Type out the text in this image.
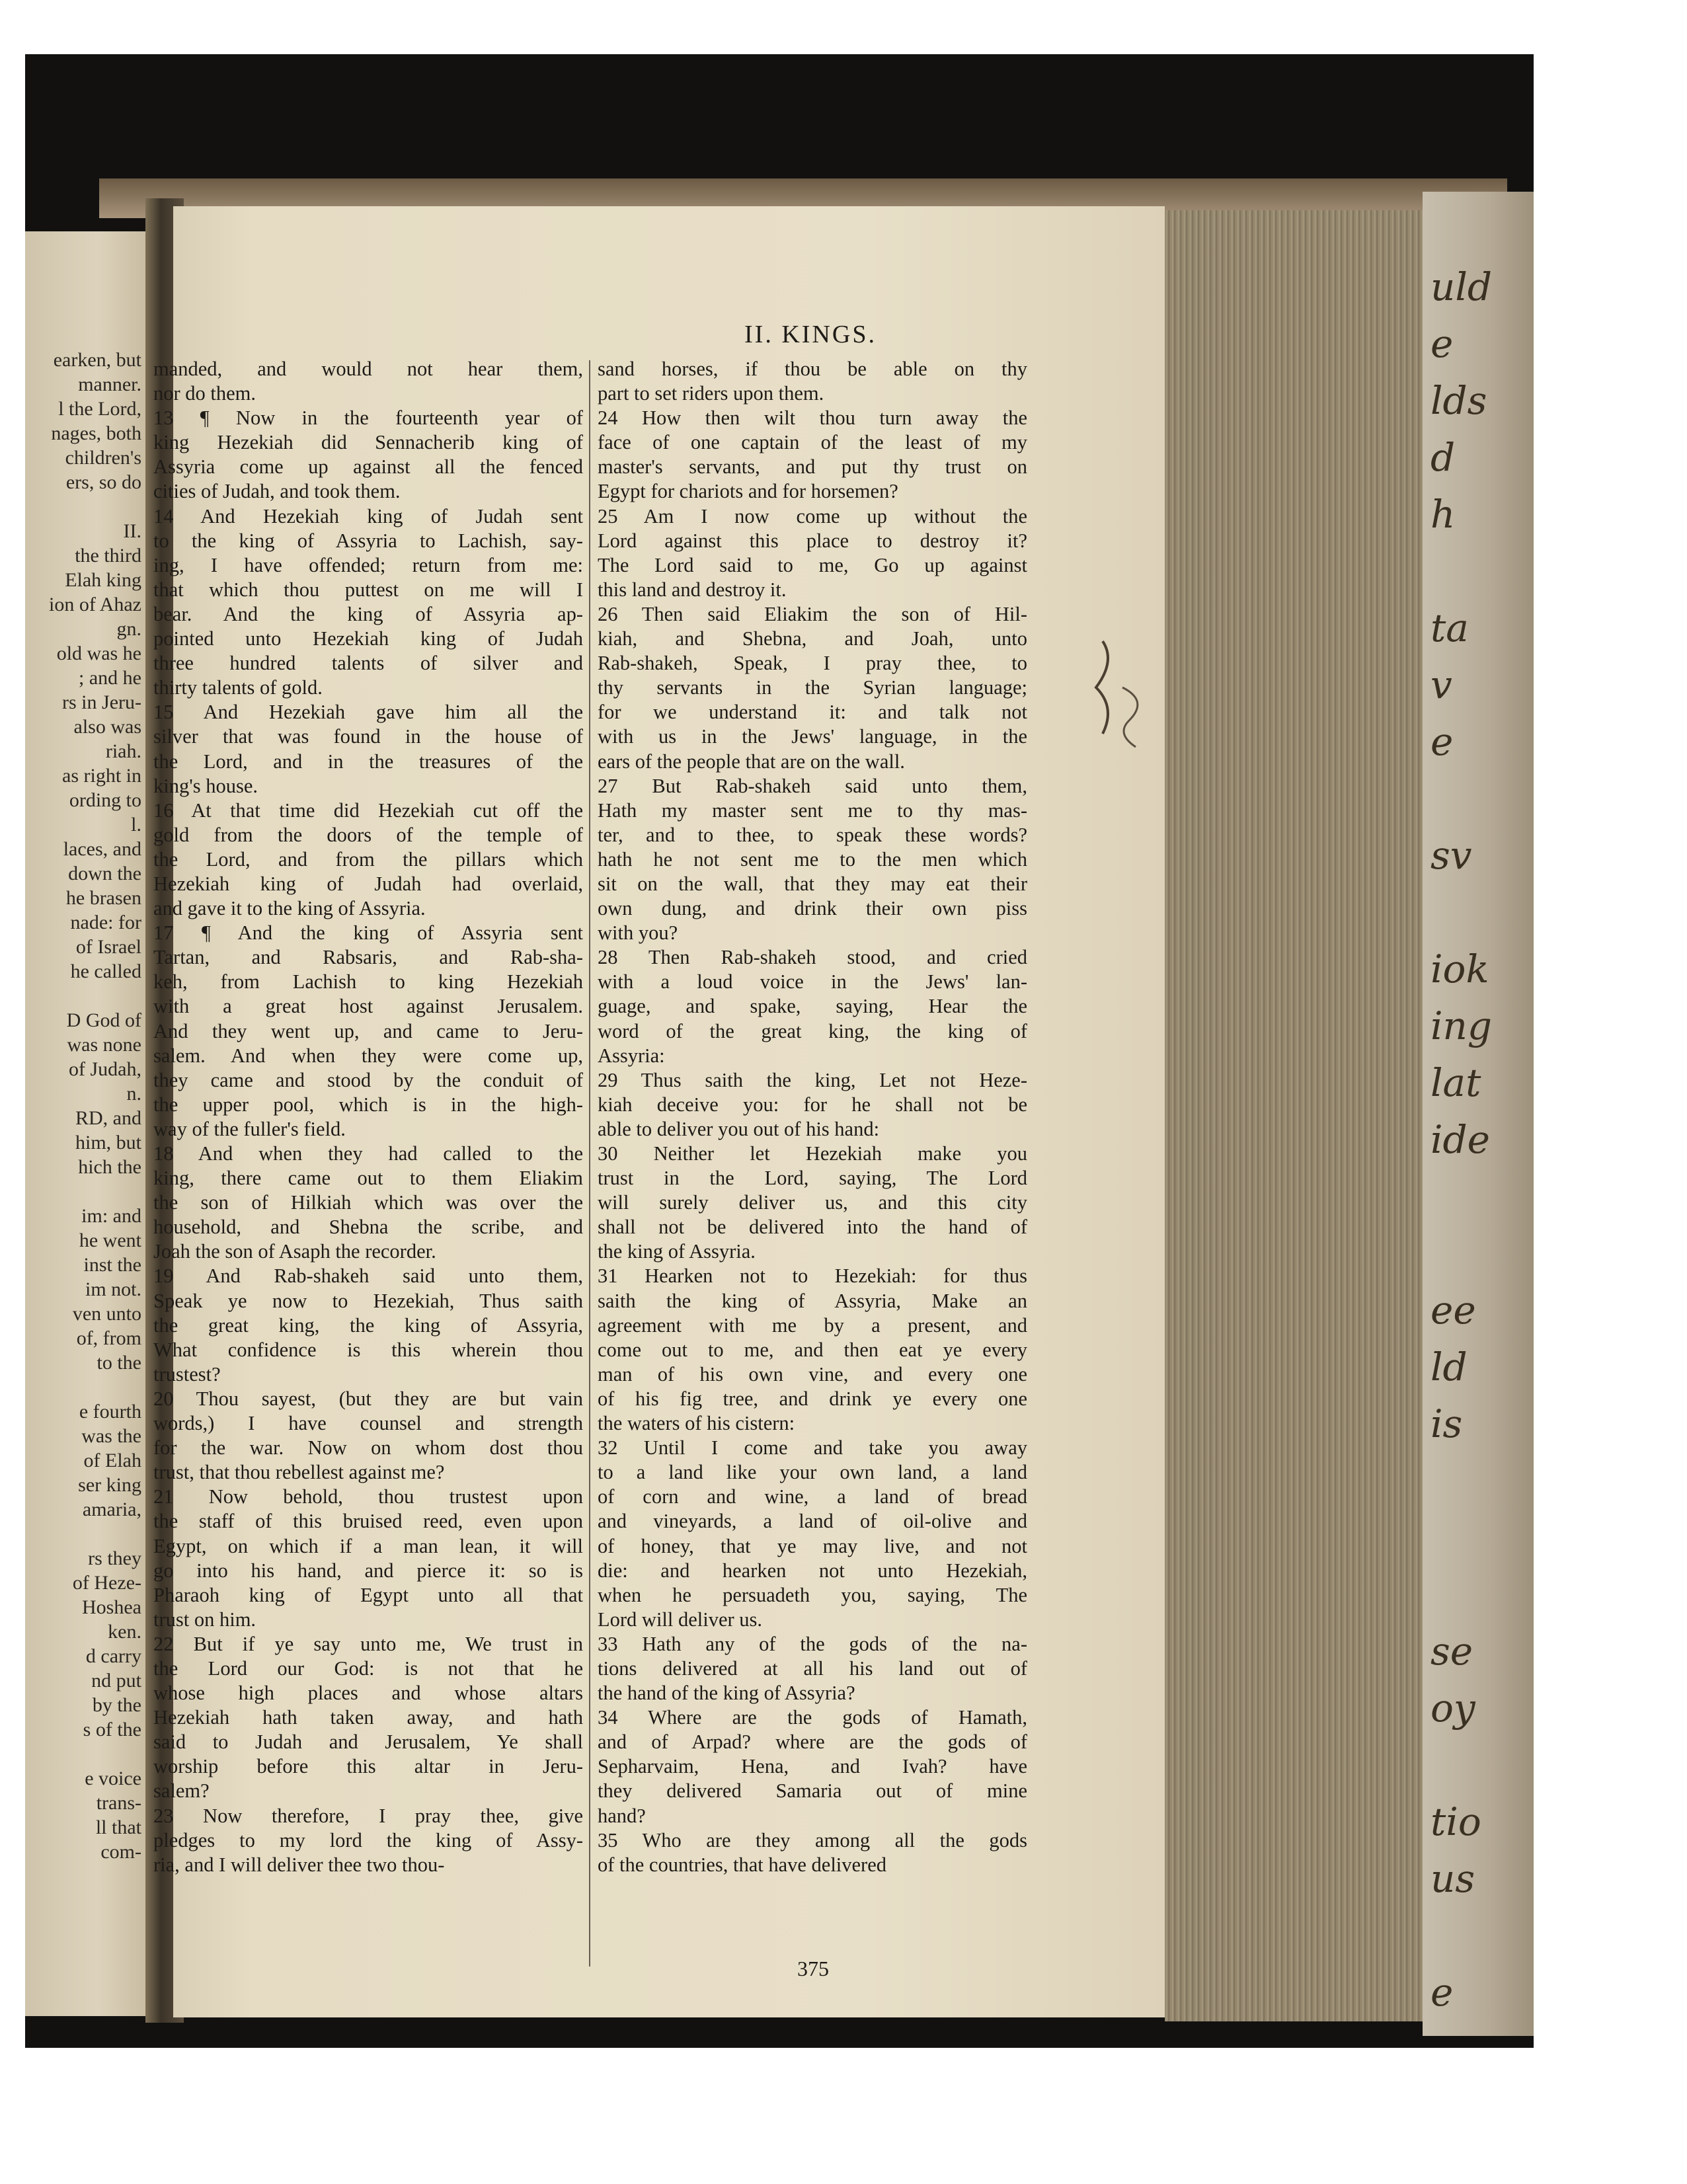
earken, but
manner.
l the Lord,
nages, both
children's
ers, so do
II.
the third
Elah king
ion of Ahaz
gn.
old was he
; and he
rs in Jeru-
also was
riah.
as right in
ording to
l.
laces, and
down the
he brasen
nade: for
of Israel
he called
D God of
was none
of Judah,
n.
RD, and
him, but
hich the
im: and
he went
inst the
im not.
ven unto
of, from
to the
e fourth
was the
of Elah
ser king
amaria,
rs they
of Heze-
Hoshea
ken.
d carry
nd put
by the
s of the
e voice
trans-
ll that
com-
uld
e
lds
d
h
ta
v
e
sv
iok
ing
lat
ide
ee
ld
is
se
oy
tio
us
e
II. KINGS.

manded, and would not hear them,

nor do them.

13 ¶ Now in the fourteenth year of

king Hezekiah did Sennacherib king of

Assyria come up against all the fenced

cities of Judah, and took them.

14 And Hezekiah king of Judah sent

to the king of Assyria to Lachish, say-

ing, I have offended; return from me:

that which thou puttest on me will I

bear. And the king of Assyria ap-

pointed unto Hezekiah king of Judah

three hundred talents of silver and

thirty talents of gold.

15 And Hezekiah gave him all the

silver that was found in the house of

the Lord, and in the treasures of the

king's house.

16 At that time did Hezekiah cut off the

gold from the doors of the temple of

the Lord, and from the pillars which

Hezekiah king of Judah had overlaid,

and gave it to the king of Assyria.

17 ¶ And the king of Assyria sent

Tartan, and Rabsaris, and Rab-sha-

keh, from Lachish to king Hezekiah

with a great host against Jerusalem.

And they went up, and came to Jeru-

salem. And when they were come up,

they came and stood by the conduit of

the upper pool, which is in the high-

way of the fuller's field.

18 And when they had called to the

king, there came out to them Eliakim

the son of Hilkiah which was over the

household, and Shebna the scribe, and

Joah the son of Asaph the recorder.

19 And Rab-shakeh said unto them,

Speak ye now to Hezekiah, Thus saith

the great king, the king of Assyria,

What confidence is this wherein thou

trustest?

20 Thou sayest, (but they are but vain

words,) I have counsel and strength

for the war. Now on whom dost thou

trust, that thou rebellest against me?

21 Now behold, thou trustest upon

the staff of this bruised reed, even upon

Egypt, on which if a man lean, it will

go into his hand, and pierce it: so is

Pharaoh king of Egypt unto all that

trust on him.

22 But if ye say unto me, We trust in

the Lord our God: is not that he

whose high places and whose altars

Hezekiah hath taken away, and hath

said to Judah and Jerusalem, Ye shall

worship before this altar in Jeru-

salem?

23 Now therefore, I pray thee, give

pledges to my lord the king of Assy-

ria, and I will deliver thee two thou-

sand horses, if thou be able on thy

part to set riders upon them.

24 How then wilt thou turn away the

face of one captain of the least of my

master's servants, and put thy trust on

Egypt for chariots and for horsemen?

25 Am I now come up without the

Lord against this place to destroy it?

The Lord said to me, Go up against

this land and destroy it.

26 Then said Eliakim the son of Hil-

kiah, and Shebna, and Joah, unto

Rab-shakeh, Speak, I pray thee, to

thy servants in the Syrian language;

for we understand it: and talk not

with us in the Jews' language, in the

ears of the people that are on the wall.

27 But Rab-shakeh said unto them,

Hath my master sent me to thy mas-

ter, and to thee, to speak these words?

hath he not sent me to the men which

sit on the wall, that they may eat their

own dung, and drink their own piss

with you?

28 Then Rab-shakeh stood, and cried

with a loud voice in the Jews' lan-

guage, and spake, saying, Hear the

word of the great king, the king of

Assyria:

29 Thus saith the king, Let not Heze-

kiah deceive you: for he shall not be

able to deliver you out of his hand:

30 Neither let Hezekiah make you

trust in the Lord, saying, The Lord

will surely deliver us, and this city

shall not be delivered into the hand of

the king of Assyria.

31 Hearken not to Hezekiah: for thus

saith the king of Assyria, Make an

agreement with me by a present, and

come out to me, and then eat ye every

man of his own vine, and every one

of his fig tree, and drink ye every one

the waters of his cistern:

32 Until I come and take you away

to a land like your own land, a land

of corn and wine, a land of bread

and vineyards, a land of oil-olive and

of honey, that ye may live, and not

die: and hearken not unto Hezekiah,

when he persuadeth you, saying, The

Lord will deliver us.

33 Hath any of the gods of the na-

tions delivered at all his land out of

the hand of the king of Assyria?

34 Where are the gods of Hamath,

and of Arpad? where are the gods of

Sepharvaim, Hena, and Ivah? have

they delivered Samaria out of mine

hand?

35 Who are they among all the gods

of the countries, that have delivered

375
